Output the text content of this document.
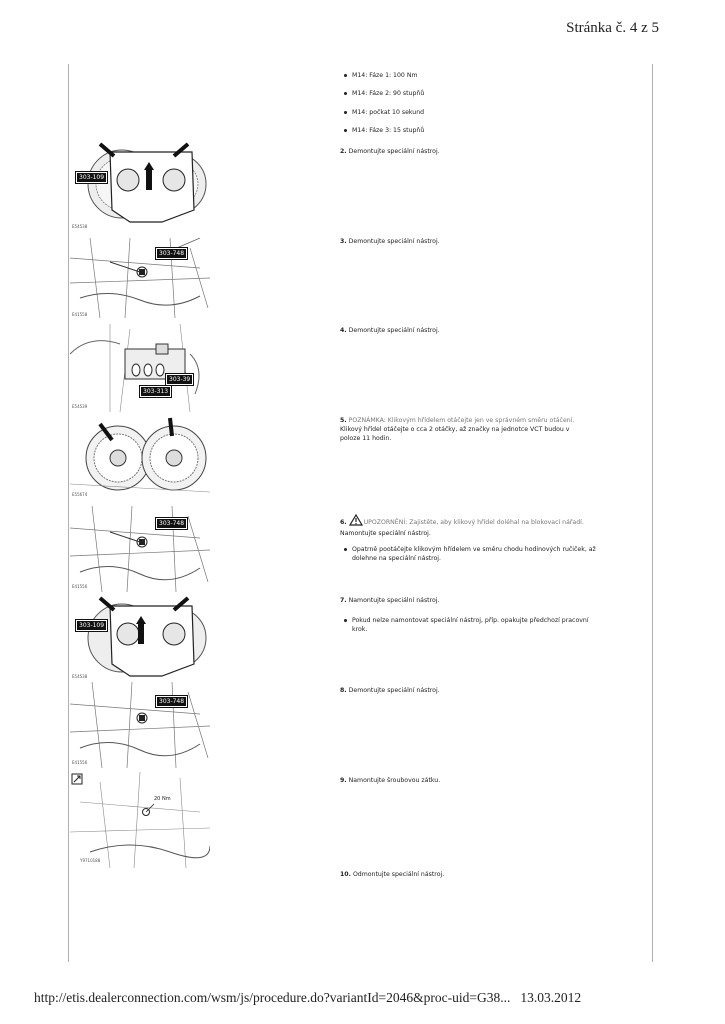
Stránka č. 4 z 5
M14: Fáze 1: 100 Nm
M14: Fáze 2: 90 stupňů
M14: počkat 10 sekund
M14: Fáze 3: 15 stupňů
2. Demontujte speciální nástroj.
3. Demontujte speciální nástroj.
4. Demontujte speciální nástroj.
5. POZNÁMKA: Klikovým hřídelem otáčejte jen ve správném směru otáčení.
Klikový hřídel otáčejte o cca 2 otáčky, až značky na jednotce VCT budou v
poloze 11 hodin.
6.	UPOZORNĚNÍ: Zajistěte, aby klikový hřídel doléhal na blokovací nářadí.
Namontujte speciální nástroj.
Opatrně pootáčejte klikovým hřídelem ve směru chodu hodinových ručiček, až
dolehne na speciální nástroj.
7. Namontujte speciální nástroj.
Pokud nelze namontovat speciální nástroj, příp. opakujte předchozí pracovní
krok.
8. Demontujte speciální nástroj.
9. Namontujte šroubovou zátku.
10. Odmontujte speciální nástroj.
303-109
E54538
303-748
E41558
303-39
303-313
E54539
E55674
303-748
E41556
303-109
E54538
303-748
E41556
20 Nm
Y9710188
http://etis.dealerconnection.com/wsm/js/procedure.do?variantId=2046&proc-uid=G38... 13.03.2012
